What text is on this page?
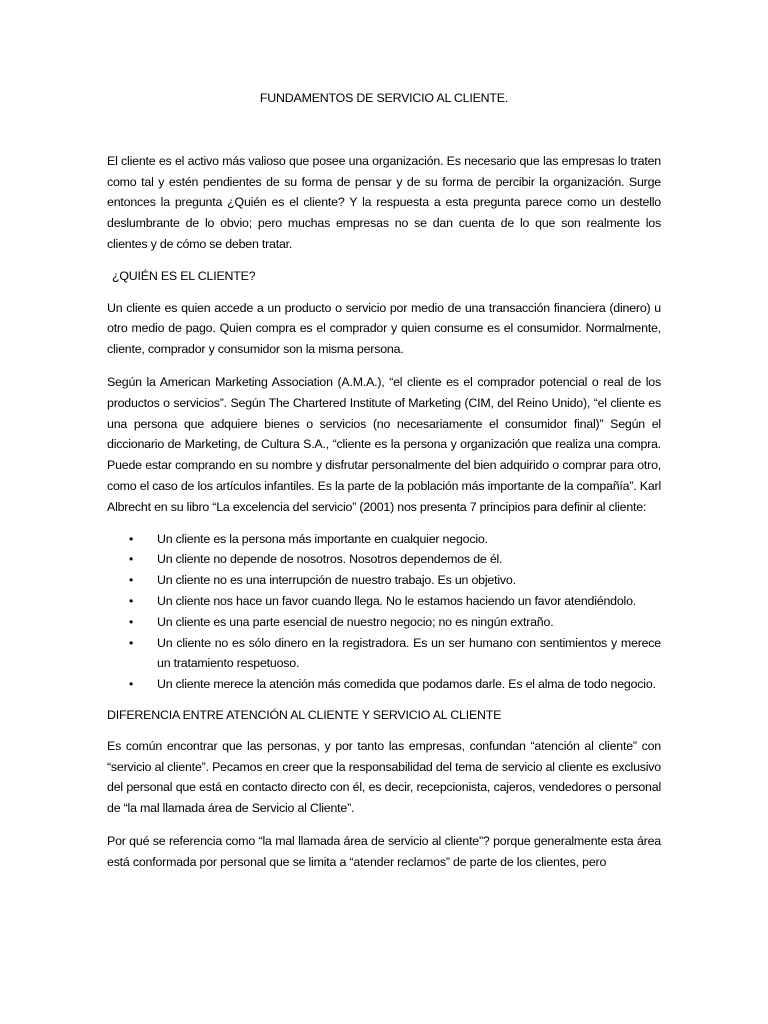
FUNDAMENTOS DE SERVICIO AL CLIENTE.

El cliente es el activo más valioso que posee una organización. Es necesario que las empresas lo traten como tal y estén pendientes de su forma de pensar y de su forma de percibir la organización. Surge entonces la pregunta ¿Quién es el cliente? Y la respuesta a esta pregunta parece como un destello deslumbrante de lo obvio; pero muchas empresas no se dan cuenta de lo que son realmente los clientes y de cómo se deben tratar.

¿QUIÉN ES EL CLIENTE?

Un cliente es quien accede a un producto o servicio por medio de una transacción financiera (dinero) u otro medio de pago. Quien compra es el comprador y quien consume es el consumidor. Normalmente, cliente, comprador y consumidor son la misma persona.

Según la American Marketing Association (A.M.A.), “el cliente es el comprador potencial o real de los productos o servicios”. Según The Chartered Institute of Marketing (CIM, del Reino Unido), “el cliente es una persona que adquiere bienes o servicios (no necesariamente el consumidor final)” Según el diccionario de Marketing, de Cultura S.A., “cliente es la persona y organización que realiza una compra. Puede estar comprando en su nombre y disfrutar personalmente del bien adquirido o comprar para otro, como el caso de los artículos infantiles. Es la parte de la población más importante de la compañía”. Karl Albrecht en su libro “La excelencia del servicio” (2001) nos presenta 7 principios para definir al cliente:

• Un cliente es la persona más importante en cualquier negocio.
• Un cliente no depende de nosotros. Nosotros dependemos de él.
• Un cliente no es una interrupción de nuestro trabajo. Es un objetivo.
• Un cliente nos hace un favor cuando llega. No le estamos haciendo un favor atendiéndolo.
• Un cliente es una parte esencial de nuestro negocio; no es ningún extraño.
• Un cliente no es sólo dinero en la registradora. Es un ser humano con sentimientos y merece un tratamiento respetuoso.
• Un cliente merece la atención más comedida que podamos darle. Es el alma de todo negocio.
DIFERENCIA ENTRE ATENCIÓN AL CLIENTE Y SERVICIO AL CLIENTE

Es común encontrar que las personas, y por tanto las empresas, confundan “atención al cliente” con “servicio al cliente”. Pecamos en creer que la responsabilidad del tema de servicio al cliente es exclusivo del personal que está en contacto directo con él, es decir, recepcionista, cajeros, vendedores o personal de “la mal llamada área de Servicio al Cliente”.

Por qué se referencia como “la mal llamada área de servicio al cliente”? porque generalmente esta área está conformada por personal que se limita a “atender reclamos” de parte de los clientes, pero
